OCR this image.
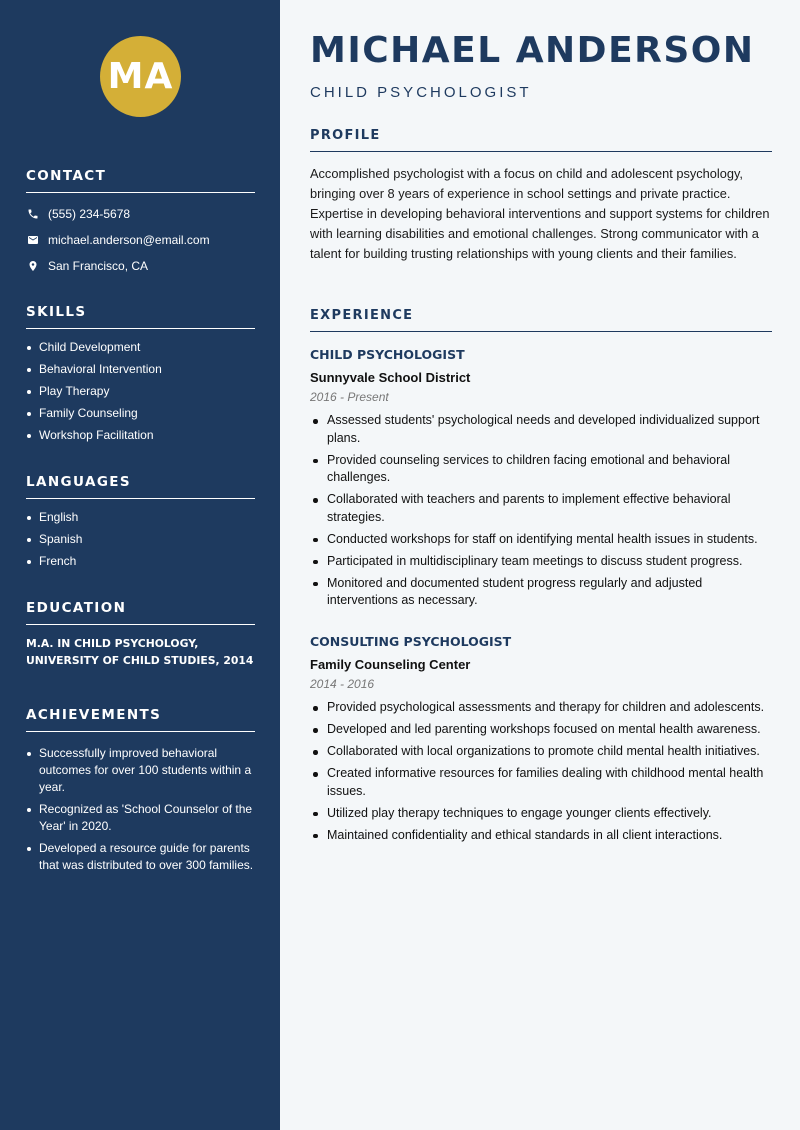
MA
CONTACT
(555) 234-5678
michael.anderson@email.com
San Francisco, CA
SKILLS
Child Development
Behavioral Intervention
Play Therapy
Family Counseling
Workshop Facilitation
LANGUAGES
English
Spanish
French
EDUCATION
M.A. IN CHILD PSYCHOLOGY,
UNIVERSITY OF CHILD STUDIES, 2014
ACHIEVEMENTS
Successfully improved behavioral outcomes for over 100 students within a year.
Recognized as 'School Counselor of the Year' in 2020.
Developed a resource guide for parents that was distributed to over 300 families.
MICHAEL ANDERSON
CHILD PSYCHOLOGIST
PROFILE
Accomplished psychologist with a focus on child and adolescent psychology, bringing over 8 years of experience in school settings and private practice. Expertise in developing behavioral interventions and support systems for children with learning disabilities and emotional challenges. Strong communicator with a talent for building trusting relationships with young clients and their families.
EXPERIENCE
CHILD PSYCHOLOGIST
Sunnyvale School District
2016 - Present
Assessed students' psychological needs and developed individualized support plans.
Provided counseling services to children facing emotional and behavioral challenges.
Collaborated with teachers and parents to implement effective behavioral strategies.
Conducted workshops for staff on identifying mental health issues in students.
Participated in multidisciplinary team meetings to discuss student progress.
Monitored and documented student progress regularly and adjusted interventions as necessary.
CONSULTING PSYCHOLOGIST
Family Counseling Center
2014 - 2016
Provided psychological assessments and therapy for children and adolescents.
Developed and led parenting workshops focused on mental health awareness.
Collaborated with local organizations to promote child mental health initiatives.
Created informative resources for families dealing with childhood mental health issues.
Utilized play therapy techniques to engage younger clients effectively.
Maintained confidentiality and ethical standards in all client interactions.
